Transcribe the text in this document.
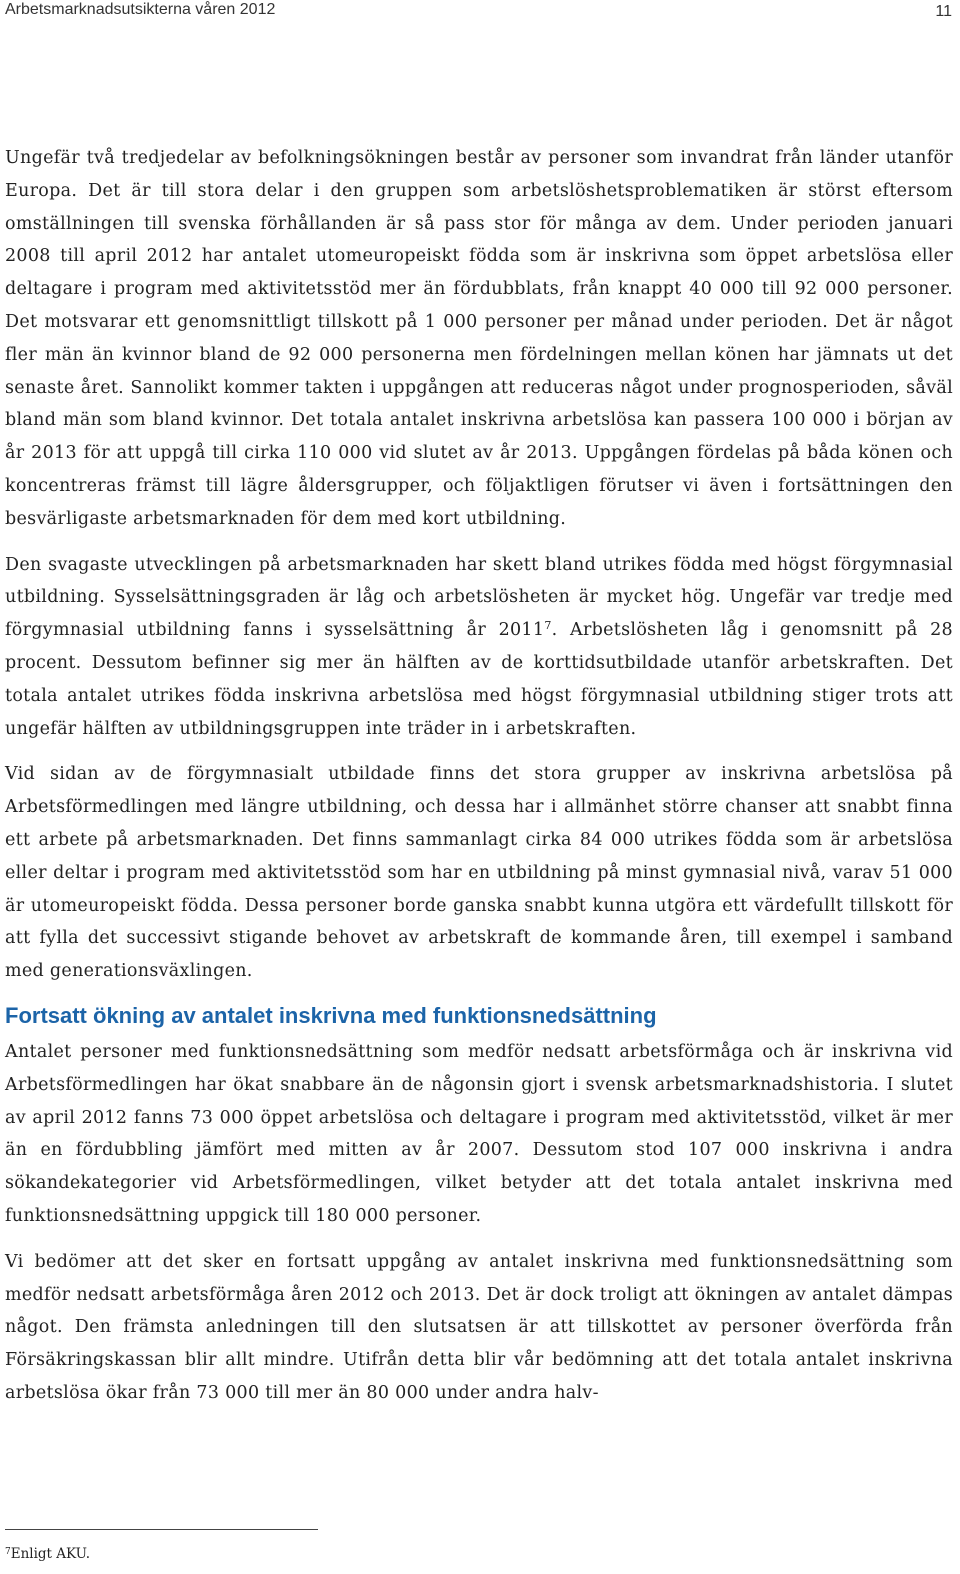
Arbetsmarknadsutsikterna våren 2012	11

Ungefär två tredjedelar av befolkningsökningen består av personer som invandrat från länder utanför Europa. Det är till stora delar i den gruppen som arbetslöshetsproblematiken är störst eftersom omställningen till svenska förhållanden är så pass stor för många av dem. Under perioden januari 2008 till april 2012 har antalet utomeuropeiskt födda som är inskrivna som öppet arbetslösa eller deltagare i program med aktivitetsstöd mer än fördubblats, från knappt 40 000 till 92 000 personer. Det motsvarar ett genomsnittligt tillskott på 1 000 personer per månad under perioden. Det är något fler män än kvinnor bland de 92 000 personerna men fördelningen mellan könen har jämnats ut det senaste året. Sannolikt kommer takten i uppgången att reduceras något under prognosperioden, såväl bland män som bland kvinnor. Det totala antalet inskrivna arbetslösa kan passera 100 000 i början av år 2013 för att uppgå till cirka 110 000 vid slutet av år 2013. Uppgången fördelas på båda könen och koncentreras främst till lägre åldersgrupper, och följaktligen förutser vi även i fortsättningen den besvärligaste arbetsmarknaden för dem med kort utbildning.

Den svagaste utvecklingen på arbetsmarknaden har skett bland utrikes födda med högst förgymnasial utbildning. Sysselsättningsgraden är låg och arbetslösheten är mycket hög. Ungefär var tredje med förgymnasial utbildning fanns i sysselsättning år 2011$^7$. Arbetslösheten låg i genomsnitt på 28 procent. Dessutom befinner sig mer än hälften av de korttidsutbildade utanför arbetskraften. Det totala antalet utrikes födda inskrivna arbetslösa med högst förgymnasial utbildning stiger trots att ungefär hälften av utbildningsgruppen inte träder in i arbetskraften.

Vid sidan av de förgymnasialt utbildade finns det stora grupper av inskrivna arbetslösa på Arbetsförmedlingen med längre utbildning, och dessa har i allmänhet större chanser att snabbt finna ett arbete på arbetsmarknaden. Det finns sammanlagt cirka 84 000 utrikes födda som är arbetslösa eller deltar i program med aktivitetsstöd som har en utbildning på minst gymnasial nivå, varav 51 000 är utomeuropeiskt födda. Dessa personer borde ganska snabbt kunna utgöra ett värdefullt tillskott för att fylla det successivt stigande behovet av arbetskraft de kommande åren, till exempel i samband med generationsväxlingen.

Fortsatt ökning av antalet inskrivna med funktionsnedsättning

Antalet personer med funktionsnedsättning som medför nedsatt arbetsförmåga och är inskrivna vid Arbetsförmedlingen har ökat snabbare än de någonsin gjort i svensk arbetsmarknadshistoria. I slutet av april 2012 fanns 73 000 öppet arbetslösa och deltagare i program med aktivitetsstöd, vilket är mer än en fördubbling jämfört med mitten av år 2007. Dessutom stod 107 000 inskrivna i andra sökandekategorier vid Arbetsförmedlingen, vilket betyder att det totala antalet inskrivna med funktionsnedsättning uppgick till 180 000 personer.

Vi bedömer att det sker en fortsatt uppgång av antalet inskrivna med funktionsnedsättning som medför nedsatt arbetsförmåga åren 2012 och 2013. Det är dock troligt att ökningen av antalet dämpas något. Den främsta anledningen till den slutsatsen är att tillskottet av personer överförda från Försäkringskassan blir allt mindre. Utifrån detta blir vår bedömning att det totala antalet inskrivna arbetslösa ökar från 73 000 till mer än 80 000 under andra halv-

$^7$Enligt AKU.
